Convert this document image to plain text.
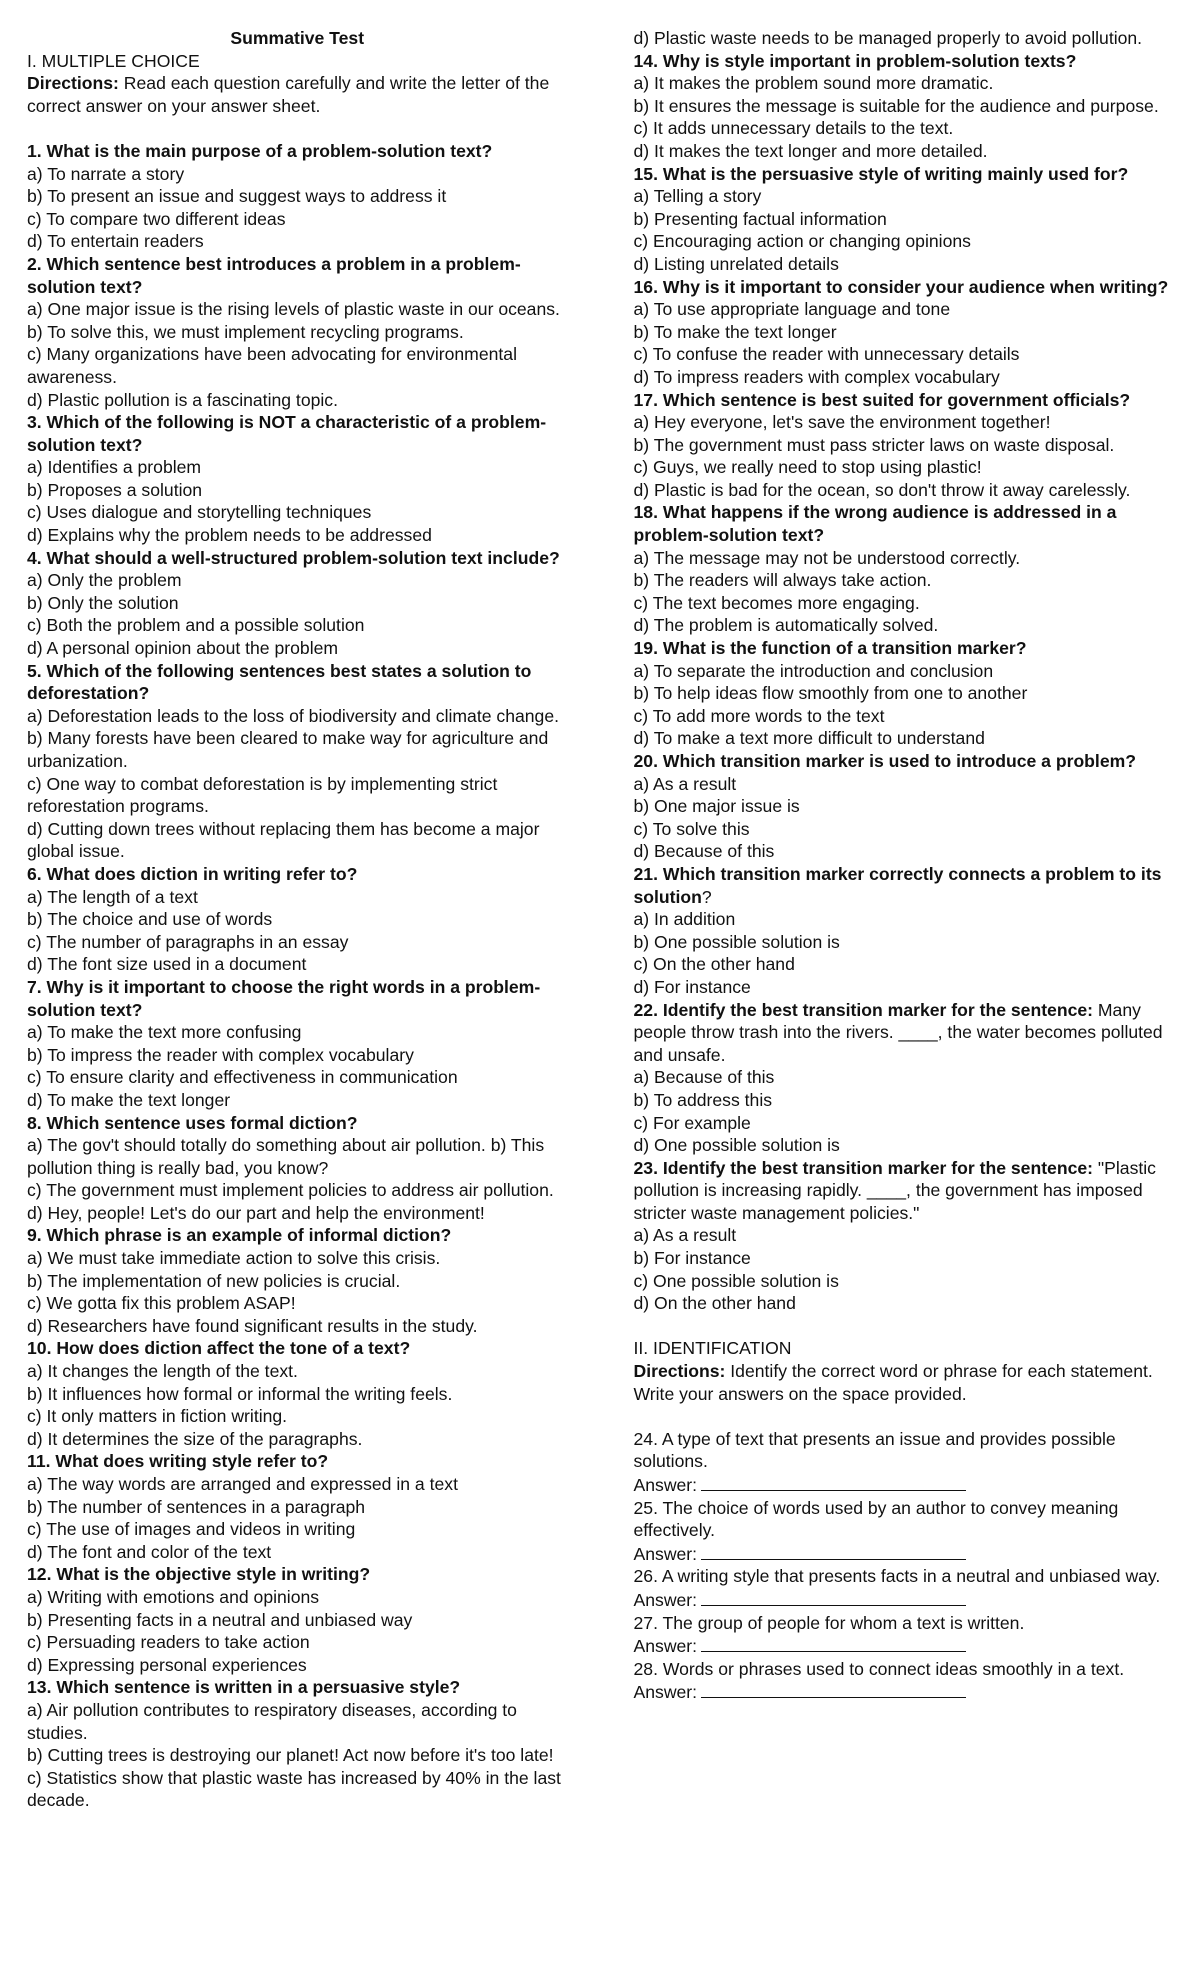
Summative Test

I. MULTIPLE CHOICE

Directions: Read each question carefully and write the letter of the correct answer on your answer sheet.

1. What is the main purpose of a problem-solution text?

a) To narrate a story

b) To present an issue and suggest ways to address it

c) To compare two different ideas

d) To entertain readers

2. Which sentence best introduces a problem in a problem-solution text?

a) One major issue is the rising levels of plastic waste in our oceans.

b) To solve this, we must implement recycling programs.

c) Many organizations have been advocating for environmental awareness.

d) Plastic pollution is a fascinating topic.

3. Which of the following is NOT a characteristic of a problem-solution text?

a) Identifies a problem

b) Proposes a solution

c) Uses dialogue and storytelling techniques

d) Explains why the problem needs to be addressed

4. What should a well-structured problem-solution text include?

a) Only the problem

b) Only the solution

c) Both the problem and a possible solution

d) A personal opinion about the problem

5. Which of the following sentences best states a solution to deforestation?

a) Deforestation leads to the loss of biodiversity and climate change.

b) Many forests have been cleared to make way for agriculture and urbanization.

c) One way to combat deforestation is by implementing strict reforestation programs.

d) Cutting down trees without replacing them has become a major global issue.

6. What does diction in writing refer to?

a) The length of a text

b) The choice and use of words

c) The number of paragraphs in an essay

d) The font size used in a document

7. Why is it important to choose the right words in a problem-solution text?

a) To make the text more confusing

b) To impress the reader with complex vocabulary

c) To ensure clarity and effectiveness in communication

d) To make the text longer

8. Which sentence uses formal diction?

a) The gov't should totally do something about air pollution. b) This pollution thing is really bad, you know?

c) The government must implement policies to address air pollution.

d) Hey, people! Let's do our part and help the environment!

9. Which phrase is an example of informal diction?

a) We must take immediate action to solve this crisis.

b) The implementation of new policies is crucial.

c) We gotta fix this problem ASAP!

d) Researchers have found significant results in the study.

10. How does diction affect the tone of a text?

a) It changes the length of the text.

b) It influences how formal or informal the writing feels.

c) It only matters in fiction writing.

d) It determines the size of the paragraphs.

11. What does writing style refer to?

a) The way words are arranged and expressed in a text

b) The number of sentences in a paragraph

c) The use of images and videos in writing

d) The font and color of the text

12. What is the objective style in writing?

a) Writing with emotions and opinions

b) Presenting facts in a neutral and unbiased way

c) Persuading readers to take action

d) Expressing personal experiences

13. Which sentence is written in a persuasive style?

a) Air pollution contributes to respiratory diseases, according to studies.

b) Cutting trees is destroying our planet! Act now before it's too late!

c) Statistics show that plastic waste has increased by 40% in the last decade.

d) Plastic waste needs to be managed properly to avoid pollution.

14. Why is style important in problem-solution texts?

a) It makes the problem sound more dramatic.

b) It ensures the message is suitable for the audience and purpose.

c) It adds unnecessary details to the text.

d) It makes the text longer and more detailed.

15. What is the persuasive style of writing mainly used for?

a) Telling a story

b) Presenting factual information

c) Encouraging action or changing opinions

d) Listing unrelated details

16. Why is it important to consider your audience when writing?

a) To use appropriate language and tone

b) To make the text longer

c) To confuse the reader with unnecessary details

d) To impress readers with complex vocabulary

17. Which sentence is best suited for government officials?

a) Hey everyone, let's save the environment together!

b) The government must pass stricter laws on waste disposal.

c) Guys, we really need to stop using plastic!

d) Plastic is bad for the ocean, so don't throw it away carelessly.

18. What happens if the wrong audience is addressed in a problem-solution text?

a) The message may not be understood correctly.

b) The readers will always take action.

c) The text becomes more engaging.

d) The problem is automatically solved.

19. What is the function of a transition marker?

a) To separate the introduction and conclusion

b) To help ideas flow smoothly from one to another

c) To add more words to the text

d) To make a text more difficult to understand

20. Which transition marker is used to introduce a problem?

a) As a result

b) One major issue is

c) To solve this

d) Because of this

21. Which transition marker correctly connects a problem to its solution?

a) In addition

b) One possible solution is

c) On the other hand

d) For instance

22. Identify the best transition marker for the sentence: Many people throw trash into the rivers. ____, the water becomes polluted and unsafe.

a) Because of this

b) To address this

c) For example

d) One possible solution is

23. Identify the best transition marker for the sentence: "Plastic pollution is increasing rapidly. ____, the government has imposed stricter waste management policies."

a) As a result

b) For instance

c) One possible solution is

d) On the other hand

II. IDENTIFICATION

Directions: Identify the correct word or phrase for each statement. Write your answers on the space provided.

24. A type of text that presents an issue and provides possible solutions.

Answer:

25. The choice of words used by an author to convey meaning effectively.

Answer:

26. A writing style that presents facts in a neutral and unbiased way.

Answer:

27. The group of people for whom a text is written.

Answer:

28. Words or phrases used to connect ideas smoothly in a text.

Answer:
